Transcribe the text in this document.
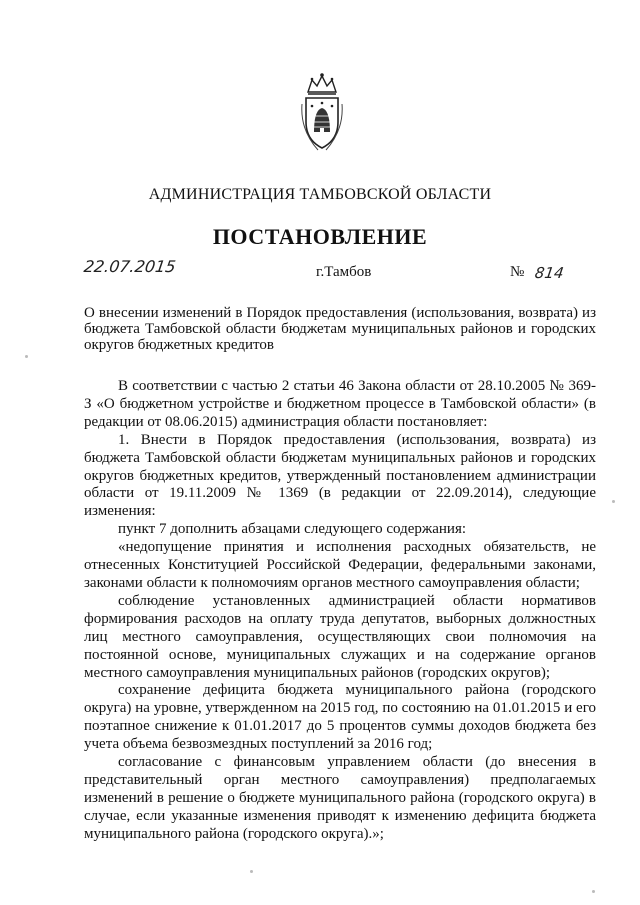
АДМИНИСТРАЦИЯ ТАМБОВСКОЙ ОБЛАСТИ
ПОСТАНОВЛЕНИЕ
22.07.2015	г.Тамбов	№ 814
О внесении изменений в Порядок предоставления (использования, возврата) из бюджета Тамбовской области бюджетам муниципальных районов и городских округов бюджетных кредитов

В соответствии с частью 2 статьи 46 Закона области от 28.10.2005 № 369-З «О бюджетном устройстве и бюджетном процессе в Тамбовской области» (в редакции от 08.06.2015) администрация области постановляет:

1. Внести в Порядок предоставления (использования, возврата) из бюджета Тамбовской области бюджетам муниципальных районов и городских округов бюджетных кредитов, утвержденный постановлением администрации области от 19.11.2009 № 1369 (в редакции от 22.09.2014), следующие изменения:

пункт 7 дополнить абзацами следующего содержания:

«недопущение принятия и исполнения расходных обязательств, не отнесенных Конституцией Российской Федерации, федеральными законами, законами области к полномочиям органов местного самоуправления области;

соблюдение установленных администрацией области нормативов формирования расходов на оплату труда депутатов, выборных должностных лиц местного самоуправления, осуществляющих свои полномочия на постоянной основе, муниципальных служащих и на содержание органов местного самоуправления муниципальных районов (городских округов);

сохранение дефицита бюджета муниципального района (городского округа) на уровне, утвержденном на 2015 год, по состоянию на 01.01.2015 и его поэтапное снижение к 01.01.2017 до 5 процентов суммы доходов бюджета без учета объема безвозмездных поступлений за 2016 год;

согласование с финансовым управлением области (до внесения в представительный орган местного самоуправления) предполагаемых изменений в решение о бюджете муниципального района (городского округа) в случае, если указанные изменения приводят к изменению дефицита бюджета муниципального района (городского округа).»;
